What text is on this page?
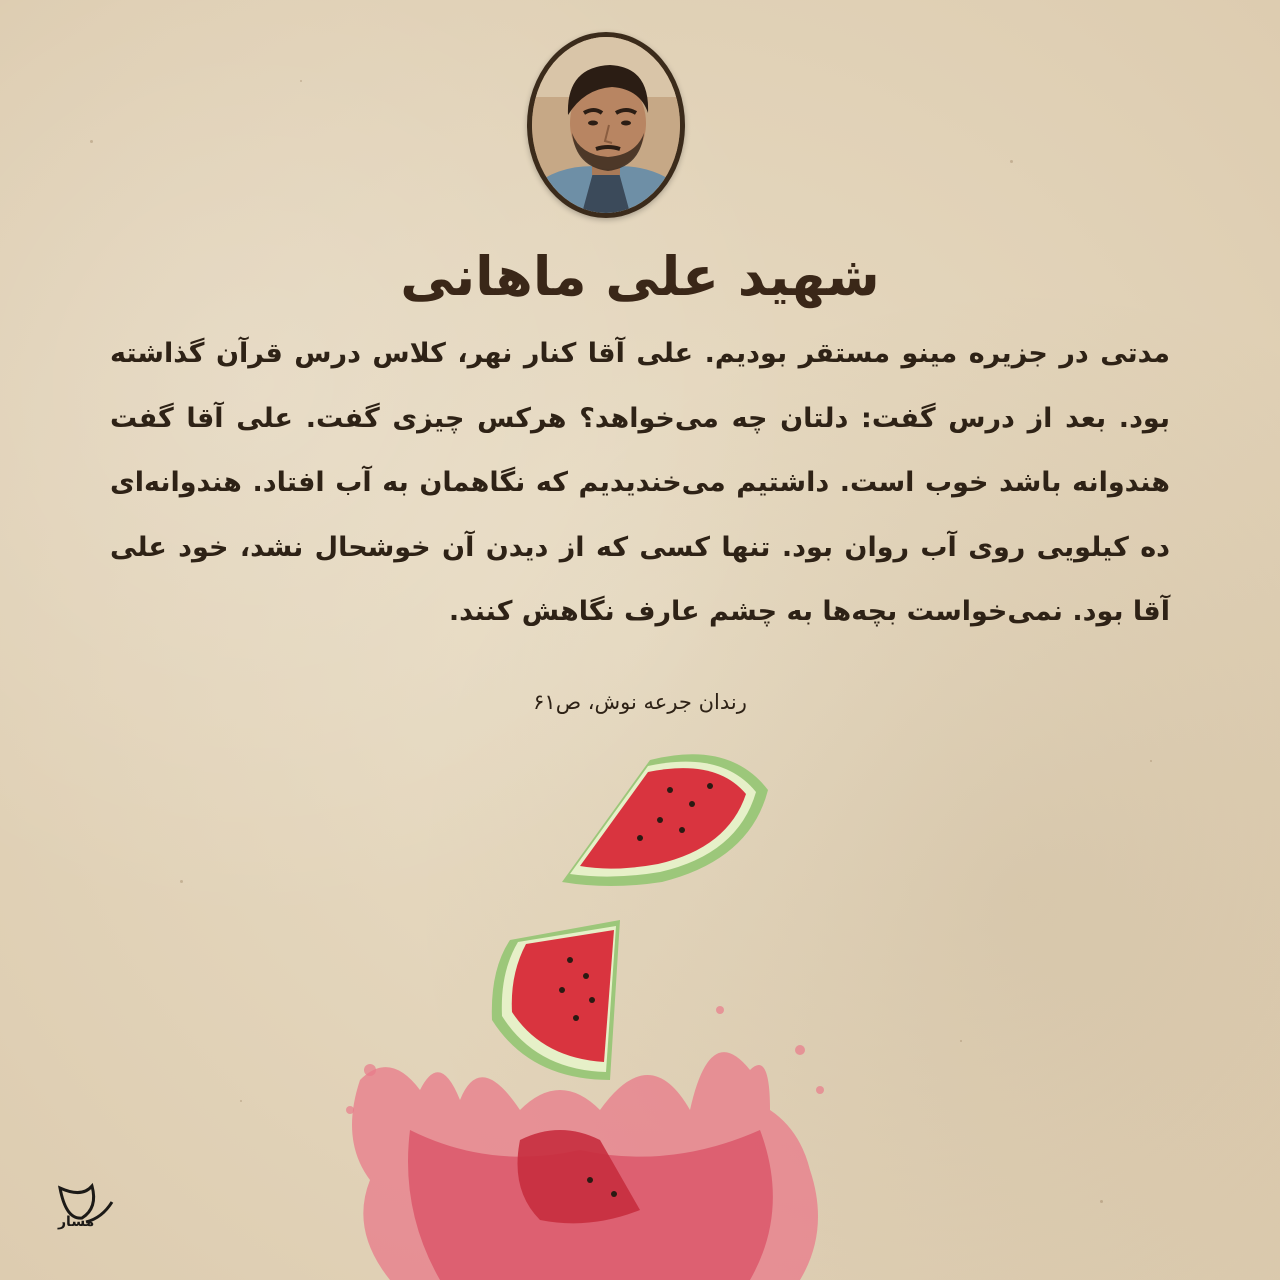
شهید علی ماهانی
مدتی در جزیره مینو مستقر بودیم. علی آقا کنار نهر، کلاس درس قرآن گذاشته بود. بعد از درس گفت: دلتان چه می‌خواهد؟ هرکس چیزی گفت. علی آقا گفت هندوانه باشد خوب است. داشتیم می‌خندیدیم که نگاهمان به آب افتاد. هندوانه‌ای ده کیلویی روی آب روان بود. تنها کسی که از دیدن آن خوشحال نشد، خود علی آقا بود. نمی‌خواست بچه‌ها به چشم عارف نگاهش کنند.
رندان جرعه نوش، ص۶۱
مسار
